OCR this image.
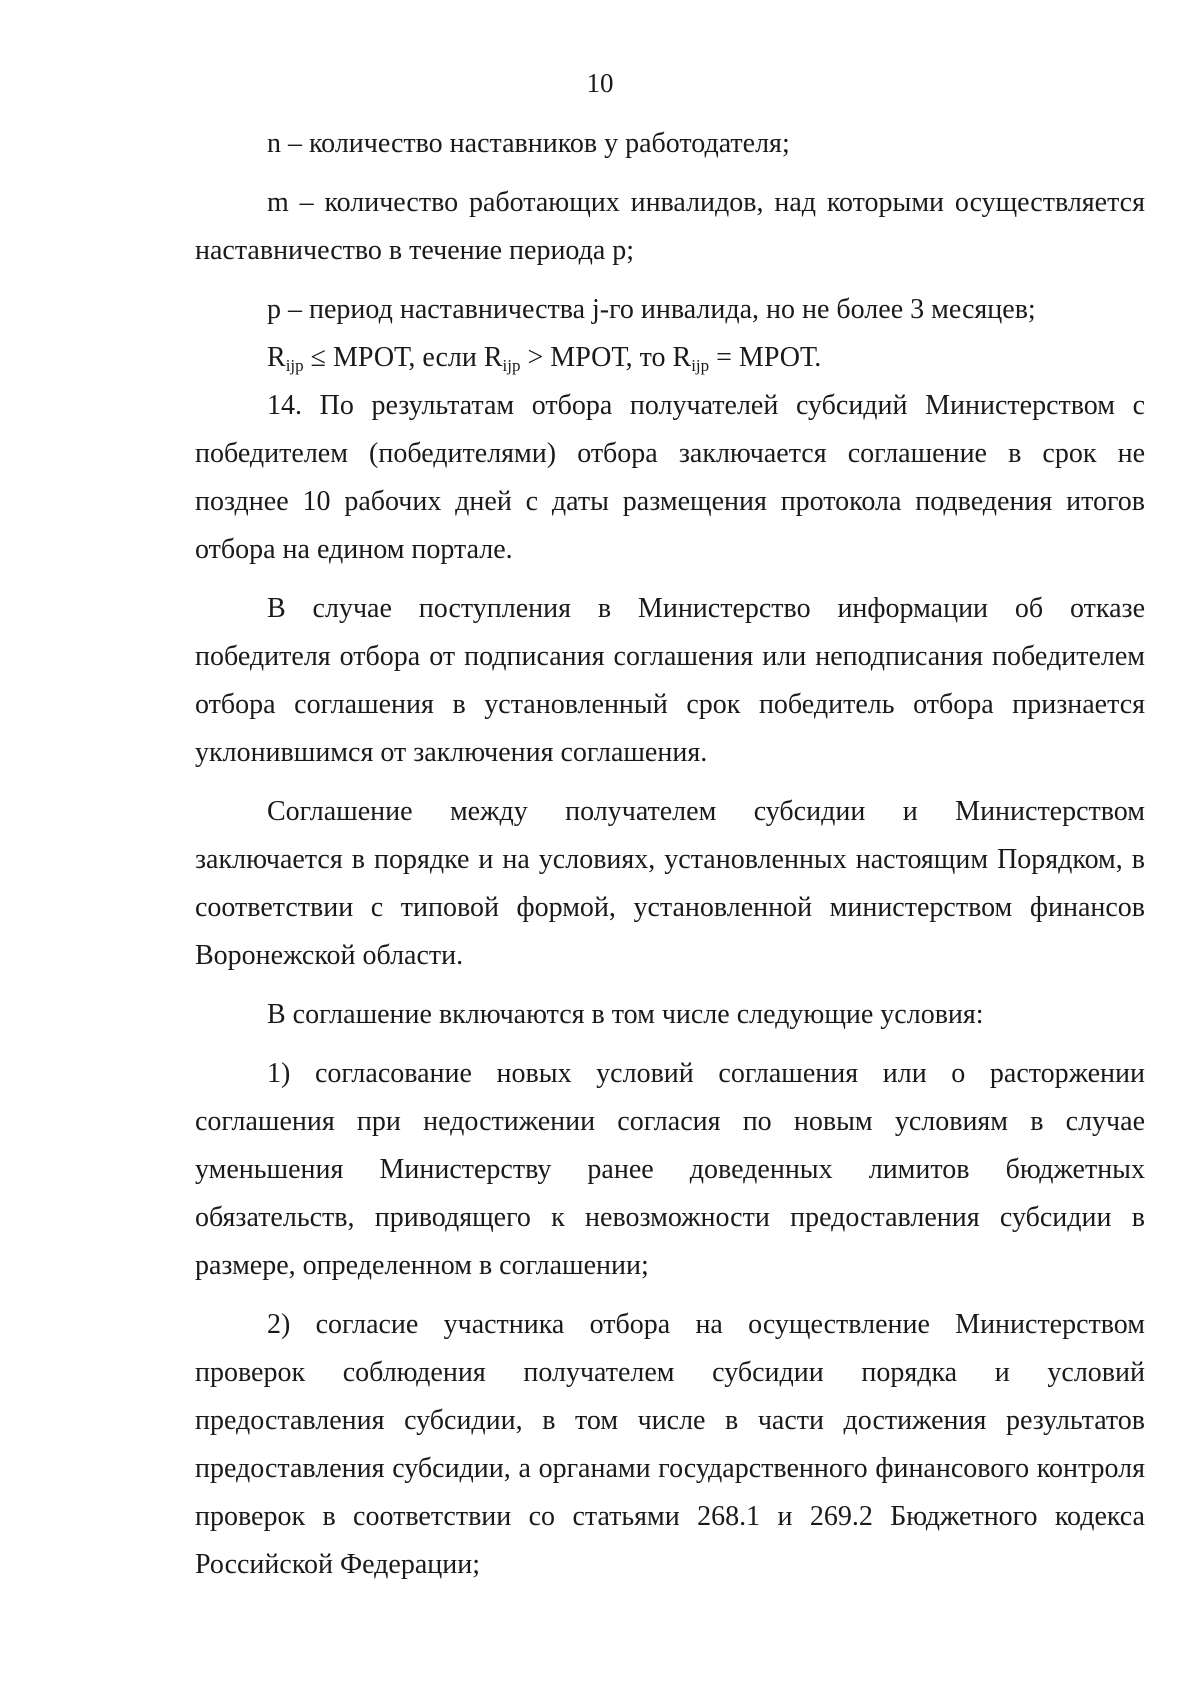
10

n – количество наставников у работодателя;

m – количество работающих инвалидов, над которыми осуществляется наставничество в течение периода p;

p – период наставничества j-го инвалида, но не более 3 месяцев;

$R_{ijp}$ ≤ МРОТ, если $R_{ijp}$ > МРОТ, то $R_{ijp}$ = МРОТ.

14. По результатам отбора получателей субсидий Министерством с победителем (победителями) отбора заключается соглашение в срок не позднее 10 рабочих дней с даты размещения протокола подведения итогов отбора на едином портале.

В случае поступления в Министерство информации об отказе победителя отбора от подписания соглашения или неподписания победителем отбора соглашения в установленный срок победитель отбора признается уклонившимся от заключения соглашения.

Соглашение между получателем субсидии и Министерством заключается в порядке и на условиях, установленных настоящим Порядком, в соответствии с типовой формой, установленной министерством финансов Воронежской области.

В соглашение включаются в том числе следующие условия:

1) согласование новых условий соглашения или о расторжении соглашения при недостижении согласия по новым условиям в случае уменьшения Министерству ранее доведенных лимитов бюджетных обязательств, приводящего к невозможности предоставления субсидии в размере, определенном в соглашении;

2) согласие участника отбора на осуществление Министерством проверок соблюдения получателем субсидии порядка и условий предоставления субсидии, в том числе в части достижения результатов предоставления субсидии, а органами государственного финансового контроля проверок в соответствии со статьями 268.1 и 269.2 Бюджетного кодекса Российской Федерации;
